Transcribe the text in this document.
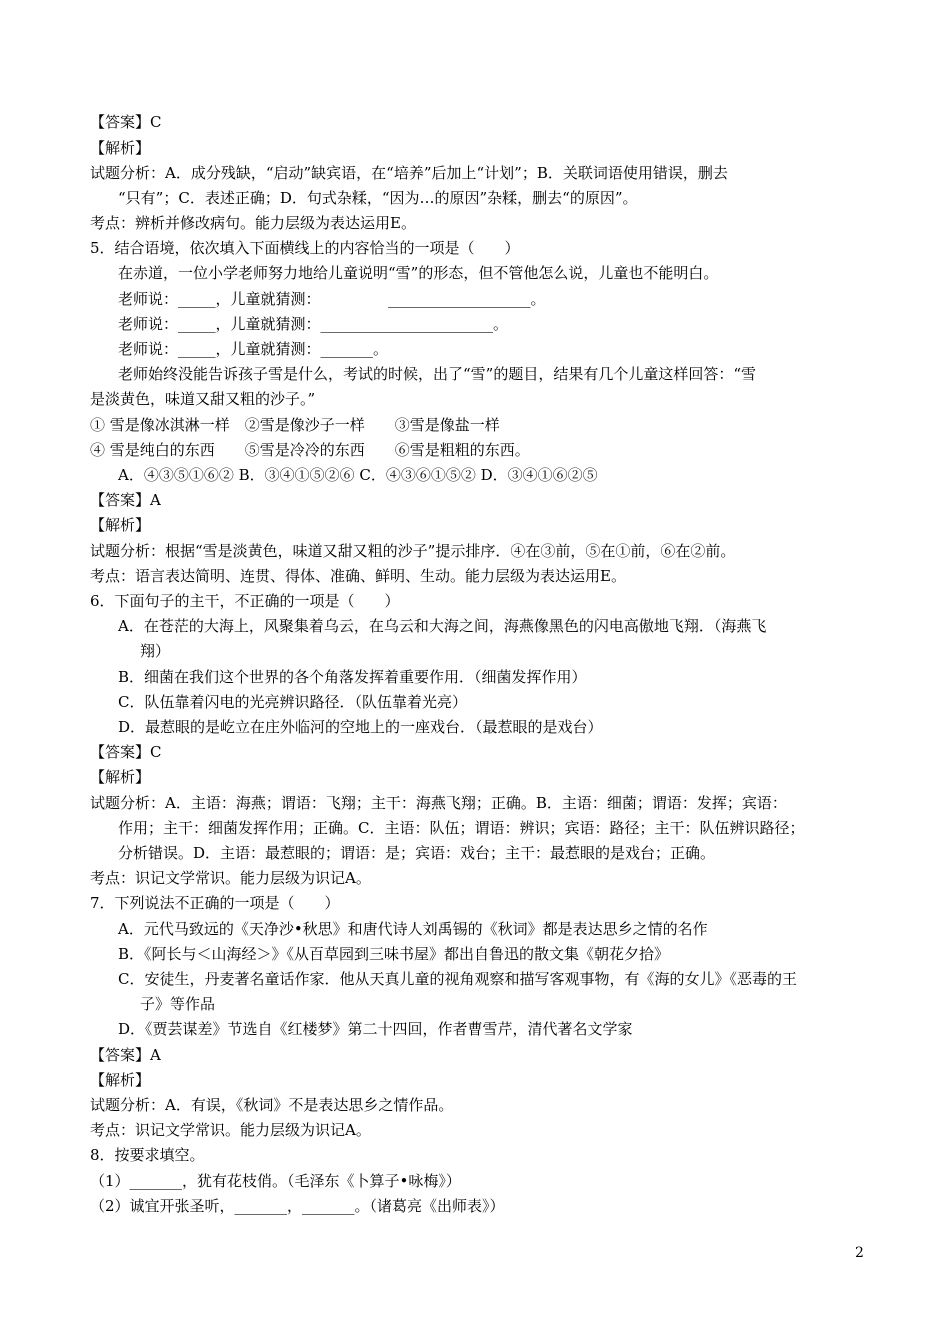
【答案】C
【解析】
试题分析：A．成分残缺，“启动”缺宾语，在“培养”后加上“计划”；B．关联词语使用错误，删去
“只有”；C．表述正确；D．句式杂糅，“因为…的原因”杂糅，删去“的原因”。
考点：辨析并修改病句。能力层级为表达运用E。
5．结合语境，依次填入下面横线上的内容恰当的一项是（　　）
在赤道，一位小学老师努力地给儿童说明“雪”的形态，但不管他怎么说，儿童也不能明白。
老师说：_____，儿童就猜测：　　　　　___________________。
老师说：_____，儿童就猜测：_______________________。
老师说：_____，儿童就猜测：_______。
老师始终没能告诉孩子雪是什么，考试的时候，出了“雪”的题目，结果有几个儿童这样回答：“雪
是淡黄色，味道又甜又粗的沙子。”
① 雪是像冰淇淋一样　②雪是像沙子一样　　③雪是像盐一样
④ 雪是纯白的东西　　⑤雪是冷冷的东西　　⑥雪是粗粗的东西。
A．④③⑤①⑥② B．③④①⑤②⑥ C．④③⑥①⑤② D．③④①⑥②⑤
【答案】A
【解析】
试题分析：根据“雪是淡黄色，味道又甜又粗的沙子”提示排序．④在③前，⑤在①前，⑥在②前。
考点：语言表达简明、连贯、得体、准确、鲜明、生动。能力层级为表达运用E。
6．下面句子的主干，不正确的一项是（　　）
A．在苍茫的大海上，风聚集着乌云，在乌云和大海之间，海燕像黑色的闪电高傲地飞翔．（海燕飞
翔）
B．细菌在我们这个世界的各个角落发挥着重要作用．（细菌发挥作用）
C．队伍靠着闪电的光亮辨识路径．（队伍靠着光亮）
D．最惹眼的是屹立在庄外临河的空地上的一座戏台．（最惹眼的是戏台）
【答案】C
【解析】
试题分析：A．主语：海燕；谓语：飞翔；主干：海燕飞翔；正确。B．主语：细菌；谓语：发挥；宾语：
作用；主干：细菌发挥作用；正确。C．主语：队伍；谓语：辨识；宾语：路径；主干：队伍辨识路径；
分析错误。D．主语：最惹眼的；谓语：是；宾语：戏台；主干：最惹眼的是戏台；正确。
考点：识记文学常识。能力层级为识记A。
7．下列说法不正确的一项是（　　）
A．元代马致远的《天净沙•秋思》和唐代诗人刘禹锡的《秋词》都是表达思乡之情的名作
B．《阿长与＜山海经＞》《从百草园到三味书屋》都出自鲁迅的散文集《朝花夕拾》
C．安徒生，丹麦著名童话作家．他从天真儿童的视角观察和描写客观事物，有《海的女儿》《恶毒的王
子》等作品
D．《贾芸谋差》节选自《红楼梦》第二十四回，作者曹雪芹，清代著名文学家
【答案】A
【解析】
试题分析：A．有误，《秋词》不是表达思乡之情作品。
考点：识记文学常识。能力层级为识记A。
8．按要求填空。
（1）_______，犹有花枝俏。（毛泽东《卜算子•咏梅》）
（2）诚宜开张圣听，_______，_______。（诸葛亮《出师表》）
2
